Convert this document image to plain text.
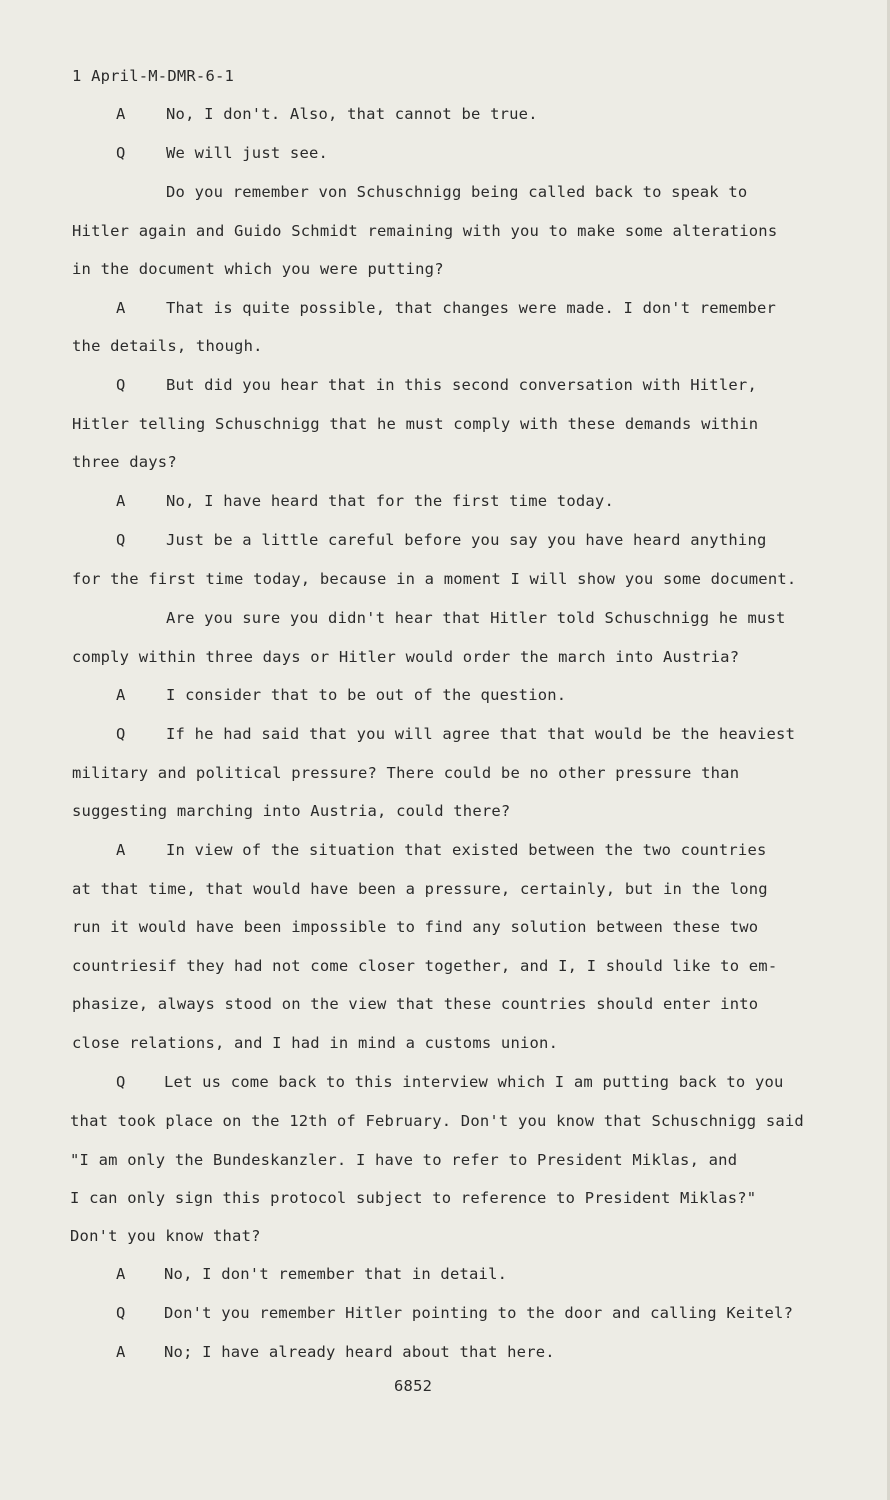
1 April-M-DMR-6-1
A	No, I don't. Also, that cannot be true.
Q	We will just see.
Do you remember von Schuschnigg being called back to speak to
Hitler again and Guido Schmidt remaining with you to make some alterations
in the document which you were putting?
A	That is quite possible, that changes were made. I don't remember
the details, though.
Q	But did you hear that in this second conversation with Hitler,
Hitler telling Schuschnigg that he must comply with these demands within
three days?
A	No, I have heard that for the first time today.
Q	Just be a little careful before you say you have heard anything
for the first time today, because in a moment I will show you some document.
Are you sure you didn't hear that Hitler told Schuschnigg he must
comply within three days or Hitler would order the march into Austria?
A	I consider that to be out of the question.
Q	If he had said that you will agree that that would be the heaviest
military and political pressure? There could be no other pressure than
suggesting marching into Austria, could there?
A	In view of the situation that existed between the two countries
at that time, that would have been a pressure, certainly, but in the long
run it would have been impossible to find any solution between these two
countriesif they had not come closer together, and I, I should like to em-
phasize, always stood on the view that these countries should enter into
close relations, and I had in mind a customs union.
Q Let us come back to this interview which I am putting back to you
that took place on the 12th of February. Don't you know that Schuschnigg said
"I am only the Bundeskanzler. I have to refer to President Miklas, and
I can only sign this protocol subject to reference to President Miklas?"
Don't you know that?
A No, I don't remember that in detail.
Q Don't you remember Hitler pointing to the door and calling Keitel?
A No; I have already heard about that here.
6852
